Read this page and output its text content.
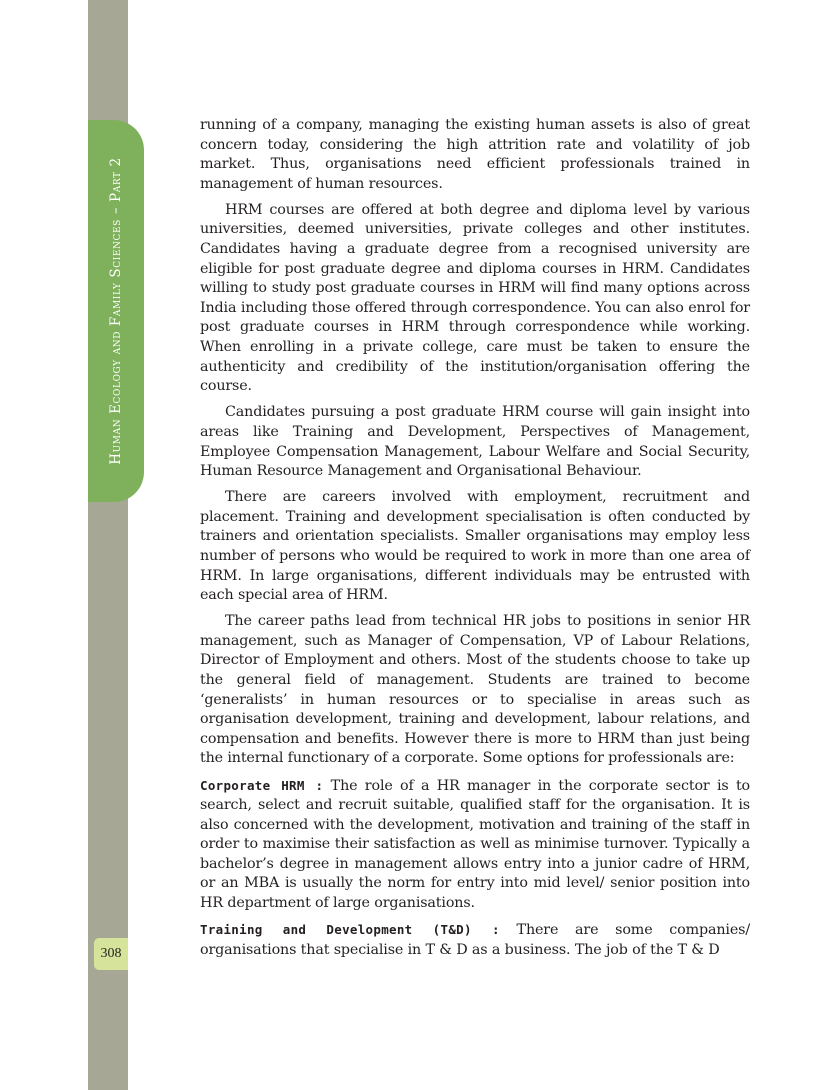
Human Ecology and Family Sciences – Part 2
308

running of a company, managing the existing human assets is also of great concern today, considering the high attrition rate and volatility of job market. Thus, organisations need efficient professionals trained in management of human resources.

HRM courses are offered at both degree and diploma level by various universities, deemed universities, private colleges and other institutes. Candidates having a graduate degree from a recognised university are eligible for post graduate degree and diploma courses in HRM. Candidates willing to study post graduate courses in HRM will find many options across India including those offered through correspondence. You can also enrol for post graduate courses in HRM through correspondence while working. When enrolling in a private college, care must be taken to ensure the authenticity and credibility of the institution/organisation offering the course.

Candidates pursuing a post graduate HRM course will gain insight into areas like Training and Development, Perspectives of Management, Employee Compensation Management, Labour Welfare and Social Security, Human Resource Management and Organisational Behaviour.

There are careers involved with employment, recruitment and placement. Training and development specialisation is often conducted by trainers and orientation specialists. Smaller organisations may employ less number of persons who would be required to work in more than one area of HRM. In large organisations, different individuals may be entrusted with each special area of HRM.

The career paths lead from technical HR jobs to positions in senior HR management, such as Manager of Compensation, VP of Labour Relations, Director of Employment and others. Most of the students choose to take up the general field of management. Students are trained to become ‘generalists’ in human resources or to specialise in areas such as organisation development, training and development, labour relations, and compensation and benefits. However there is more to HRM than just being the internal functionary of a corporate. Some options for professionals are:

Corporate HRM : The role of a HR manager in the corporate sector is to search, select and recruit suitable, qualified staff for the organisation. It is also concerned with the development, motivation and training of the staff in order to maximise their satisfaction as well as minimise turnover. Typically a bachelor’s degree in management allows entry into a junior cadre of HRM, or an MBA is usually the norm for entry into mid level/ senior position into HR department of large organisations.

Training and Development (T&D) : There are some companies/ organisations that specialise in T & D as a business. The job of the T & D
